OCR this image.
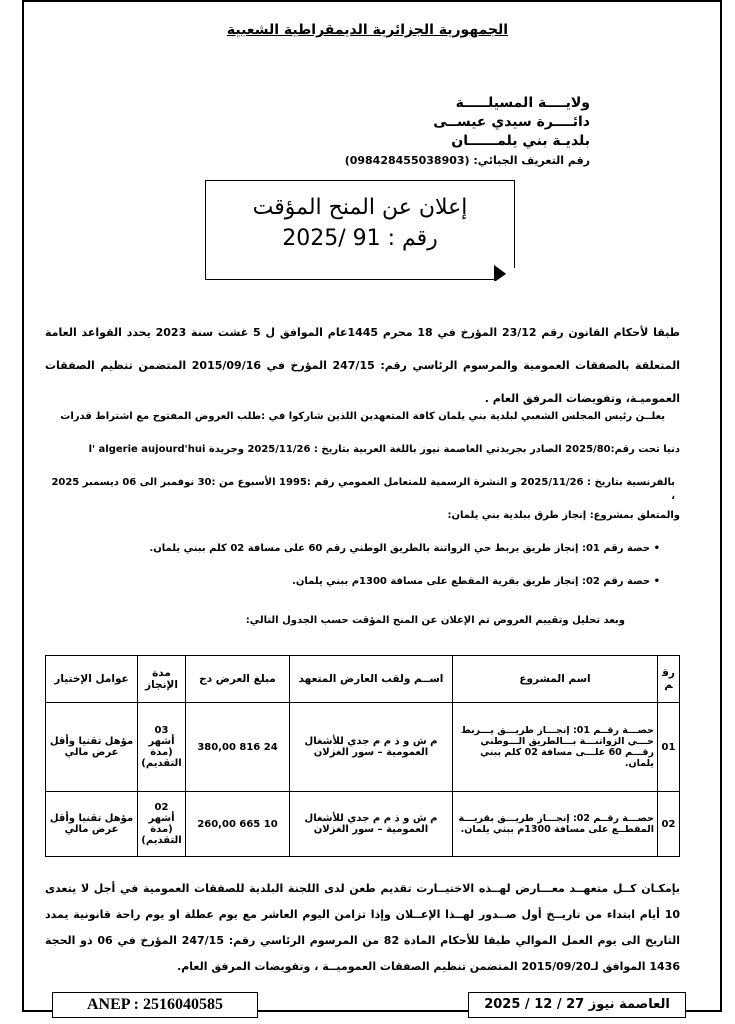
الجمهورية الجزائرية الديمقراطية الشعبية
ولايــــة المسيلـــــة
دائــــرة سيدي عيســى
بلديـة بني يلمــــــان
رقم التعريف الجبائي: (098428455038903)
إعلان عن المنح المؤقت
رقم : 91 /2025
طبقا لأحكام القانون رقم 23/12 المؤرخ في 18 محرم 1445عام الموافق ل 5 غشت سنة 2023 يحدد القواعد العامة المتعلقة بالصفقات العمومية والمرسوم الرئاسي رقم: 247/15 المؤرخ في 2015/09/16 المتضمن تنظيم الصفقات العموميـة، وتفويضات المرفق العام .
يعلــن رئيس المجلس الشعبي لبلدية بني يلمان كافة المتعهدين اللذين شاركوا في :طلب العروض المفتوح مع اشتراط قدرات
دنيا تحت رقم:2025/80 الصادر بجريدتي العاصمة نيوز باللغة العربية بتاريخ : 2025/11/26 وجريدة l' algerie aujourd'hui
بالفرنسية بتاريخ : 2025/11/26 و النشرة الرسمية للمتعامل العمومي رقم :1995 الأسبوع من :30 نوفمبر الى 06 ديسمبر 2025 ،
والمتعلق بمشروع: إنجاز طرق ببلدية بني يلمان:
• حصة رقم 01: إنجاز طريق يربط حي الزواتنة بالطريق الوطني رقم 60 على مسافة 02 كلم ببني يلمان.
• حصة رقم 02: إنجاز طريق بقرية المقطع على مسافة 1300م ببني يلمان.
وبعد تحليل وتقييم العروض تم الإعلان عن المنح المؤقت حسب الجدول التالي:
رقم	اسم المشروع	اســم ولقب العارض المتعهد	مبلغ العرض دج	مدة الإنجاز	عوامل الإختيار
01	حصـــة رقــم 01: إنجـــاز طريـــق يـــربط حـــي الزواتنـــة بـــالطريق الـــوطني رقـــم 60 علـــى مسافة 02 كلم ببني يلمان.	م ش و ذ م م جدي للأشغال العمومية – سور الغزلان	24 816 380,00	03 أشهر (مدة التقديم)	مؤهل تقنيا وأقل عرض مالي
02	حصـــة رقــم 02: إنجـــاز طريـــق بقريـــة المقطــع على مسافة 1300م ببني يلمان.	م ش و ذ م م جدي للأشغال العمومية – سور الغزلان	10 665 260,00	02 أشهر (مدة التقديم)	مؤهل تقنيا وأقل عرض مالي
بإمكـان كــل متعهــد معـــارض لهــذه الاختيــارت تقديم طعن لدى اللجنة البلدية للصفقات العمومية في أجل لا يتعدى 10 أيام ابتداء من تاريــخ أول صــدور لهــذا الإعــلان وإذا تزامن اليوم العاشر مع يوم عطلة او يوم راحة قانونية يمدد التاريخ الى يوم العمل الموالي طبقا للأحكام المادة 82 من المرسوم الرئاسي رقم: 247/15 المؤرخ في 06 ذو الحجة 1436 الموافق لـ2015/09/20 المتضمن تنظيم الصفقات العموميــة ، وتفويضات المرفق العام.
ANEP : 2516040585	العاصمة نيوز 27 / 12 / 2025
